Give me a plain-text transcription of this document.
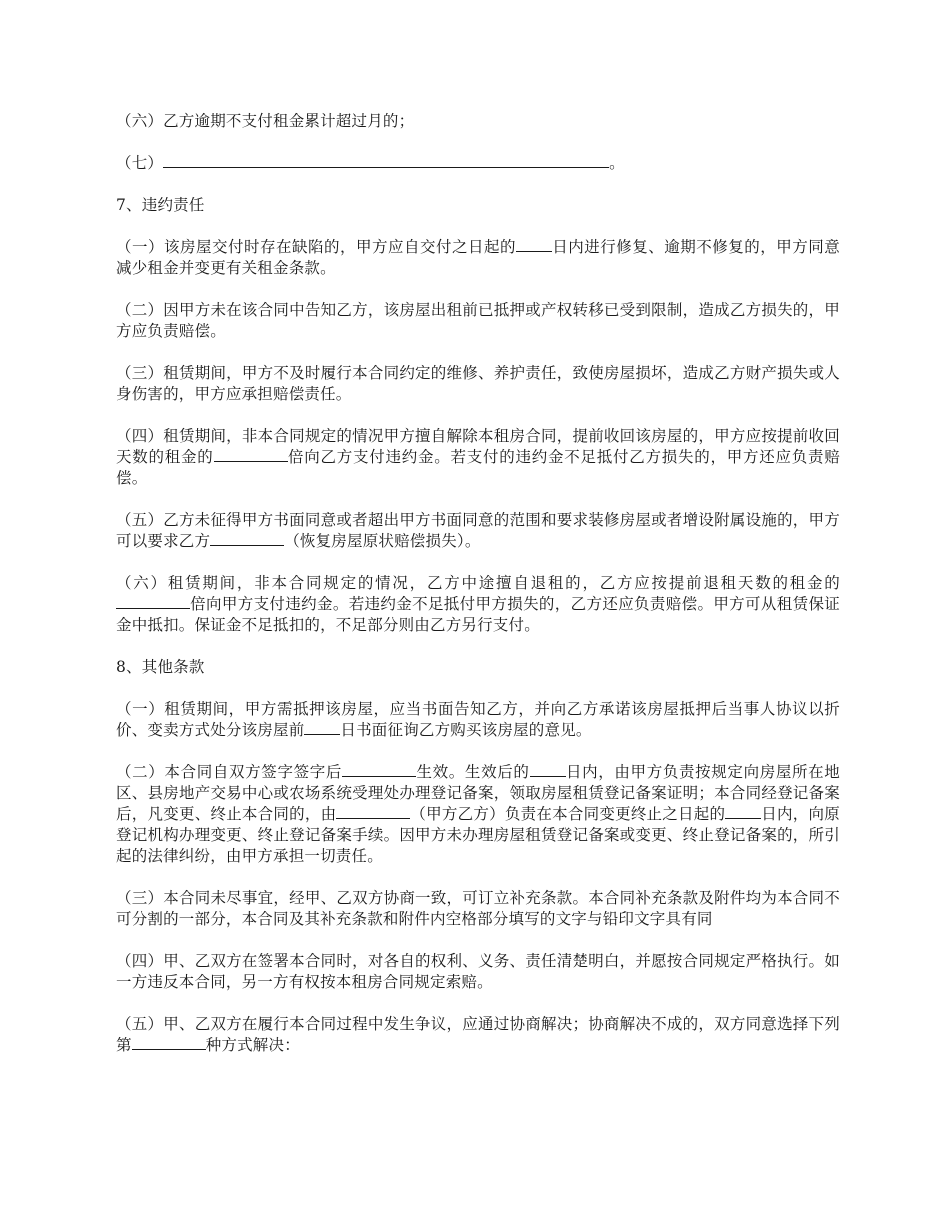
（六）乙方逾期不支付租金累计超过月的；

（七）	。

7、违约责任

（一）该房屋交付时存在缺陷的，甲方应自交付之日起的 日内进行修复、逾期不修复的，甲方同意减少租金并变更有关租金条款。

（二）因甲方未在该合同中告知乙方，该房屋出租前已抵押或产权转移已受到限制，造成乙方损失的，甲方应负责赔偿。

（三）租赁期间，甲方不及时履行本合同约定的维修、养护责任，致使房屋损坏，造成乙方财产损失或人身伤害的，甲方应承担赔偿责任。

（四）租赁期间，非本合同规定的情况甲方擅自解除本租房合同，提前收回该房屋的，甲方应按提前收回天数的租金的	倍向乙方支付违约金。若支付的违约金不足抵付乙方损失的，甲方还应负责赔偿。

（五）乙方未征得甲方书面同意或者超出甲方书面同意的范围和要求装修房屋或者增设附属设施的，甲方可以要求乙方	（恢复房屋原状赔偿损失）。

（六）租赁期间，非本合同规定的情况，乙方中途擅自退租的，乙方应按提前退租天数的租金的倍向甲方支付违约金。若违约金不足抵付甲方损失的，乙方还应负责赔偿。甲方可从租赁保证金中抵扣。保证金不足抵扣的，不足部分则由乙方另行支付。

8、其他条款

（一）租赁期间，甲方需抵押该房屋，应当书面告知乙方，并向乙方承诺该房屋抵押后当事人协议以折价、变卖方式处分该房屋前 日书面征询乙方购买该房屋的意见。

（二）本合同自双方签字签字后	生效。生效后的 日内，由甲方负责按规定向房屋所在地区、县房地产交易中心或农场系统受理处办理登记备案，领取房屋租赁登记备案证明；本合同经登记备案后，凡变更、终止本合同的，由	（甲方乙方）负责在本合同变更终止之日起的 日内，向原登记机构办理变更、终止登记备案手续。因甲方未办理房屋租赁登记备案或变更、终止登记备案的，所引起的法律纠纷，由甲方承担一切责任。

（三）本合同未尽事宜，经甲、乙双方协商一致，可订立补充条款。本合同补充条款及附件均为本合同不可分割的一部分，本合同及其补充条款和附件内空格部分填写的文字与铅印文字具有同

（四）甲、乙双方在签署本合同时，对各自的权利、义务、责任清楚明白，并愿按合同规定严格执行。如一方违反本合同，另一方有权按本租房合同规定索赔。

（五）甲、乙双方在履行本合同过程中发生争议，应通过协商解决；协商解决不成的，双方同意选择下列第	种方式解决：
